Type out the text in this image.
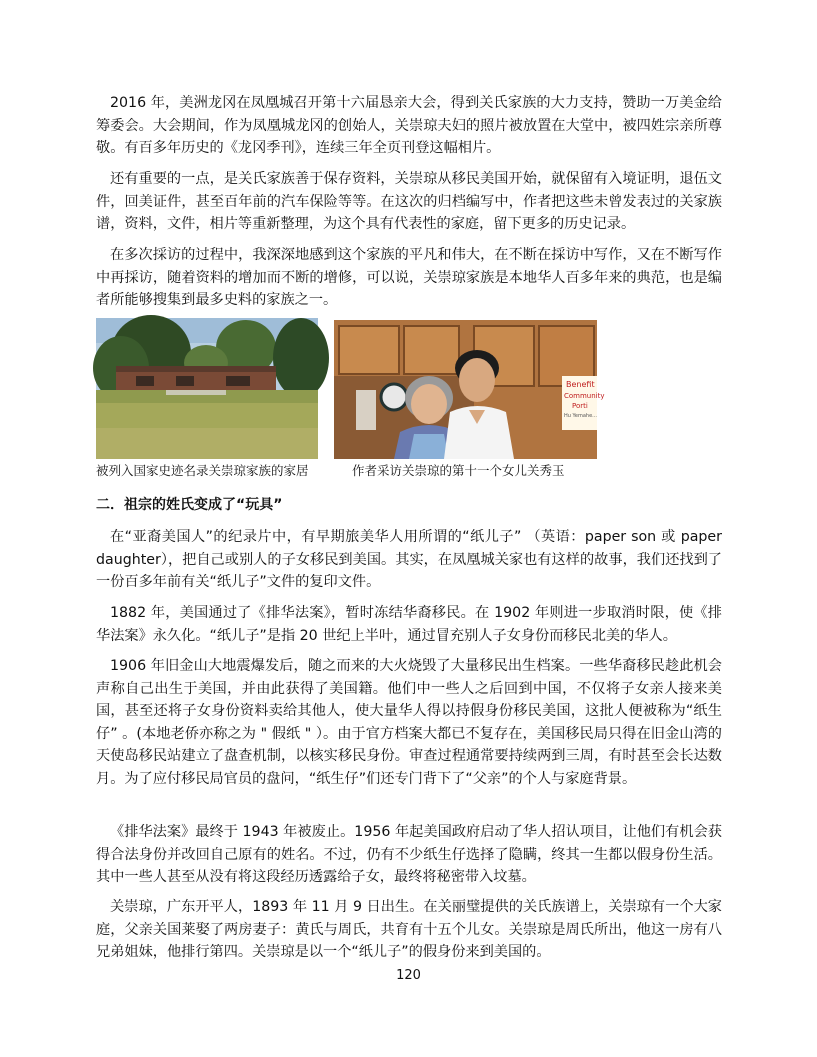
2016 年，美洲龙冈在凤凰城召开第十六届恳亲大会，得到关氏家族的大力支持，赞助一万美金给筹委会。大会期间，作为凤凰城龙冈的创始人，关崇琼夫妇的照片被放置在大堂中，被四姓宗亲所尊敬。有百多年历史的《龙冈季刊》，连续三年全页刊登这幅相片。

还有重要的一点，是关氏家族善于保存资料，关崇琼从移民美国开始，就保留有入境证明，退伍文件，回美证件，甚至百年前的汽车保险等等。在这次的归档编写中，作者把这些未曾发表过的关家族谱，资料，文件，相片等重新整理，为这个具有代表性的家庭，留下更多的历史记录。

在多次採访的过程中，我深深地感到这个家族的平凡和伟大，在不断在採访中写作，又在不断写作中再採访，随着资料的增加而不断的增修，可以说，关崇琼家族是本地华人百多年来的典范，也是编者所能够搜集到最多史料的家族之一。

Benefit
Community
Porti
Hu Yemahe...
被列入国家史迹名录关崇琼家族的家居	作者采访关崇琼的第十一个女儿关秀玉
二．祖宗的姓氏变成了“玩具”

在“亚裔美国人”的纪录片中，有早期旅美华人用所谓的“纸儿子” （英语：paper son 或 paper daughter），把自己或别人的子女移民到美国。其实，在凤凰城关家也有这样的故事，我们还找到了一份百多年前有关“纸儿子”文件的复印文件。

1882 年，美国通过了《排华法案》，暂时冻结华裔移民。在 1902 年则进一步取消时限，使《排华法案》永久化。“纸儿子”是指 20 世纪上半叶，通过冒充别人子女身份而移民北美的华人。

1906 年旧金山大地震爆发后，随之而来的大火烧毁了大量移民出生档案。一些华裔移民趁此机会声称自己出生于美国，并由此获得了美国籍。他们中一些人之后回到中国，不仅将子女亲人接来美国，甚至还将子女身份资料卖给其他人，使大量华人得以持假身份移民美国，这批人便被称为“纸生仔” 。(本地老侨亦称之为 " 假纸 " ）。由于官方档案大都已不复存在，美国移民局只得在旧金山湾的天使岛移民站建立了盘查机制，以核实移民身份。审查过程通常要持续两到三周，有时甚至会长达数月。为了应付移民局官员的盘问，“纸生仔”们还专门背下了“父亲”的个人与家庭背景。

《排华法案》最终于 1943 年被废止。1956 年起美国政府启动了华人招认项目，让他们有机会获得合法身份并改回自己原有的姓名。不过，仍有不少纸生仔选择了隐瞒，终其一生都以假身份生活。其中一些人甚至从没有将这段经历透露给子女，最终将秘密带入坟墓。

关崇琼，广东开平人，1893 年 11 月 9 日出生。在关丽璧提供的关氏族谱上，关崇琼有一个大家庭，父亲关国莱娶了两房妻子：黄氏与周氏，共育有十五个儿女。关崇琼是周氏所出，他这一房有八兄弟姐妹，他排行第四。关崇琼是以一个“纸儿子”的假身份来到美国的。

120
